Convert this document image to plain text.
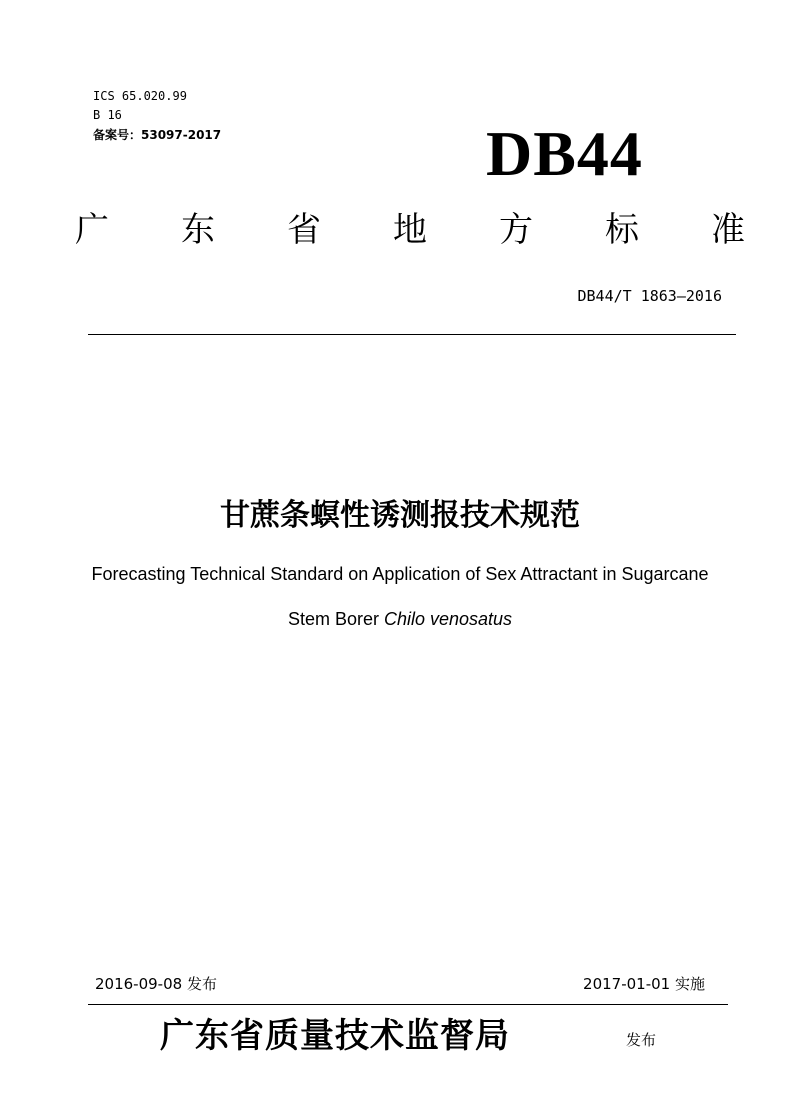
ICS 65.020.99
B 16
备案号：53097-2017	DB44
广 东 省 地 方 标 准
DB44/T 1863—2016
甘蔗条螟性诱测报技术规范
Forecasting Technical Standard on Application of Sex Attractant in Sugarcane
Stem Borer Chilo venosatus
2016-09-08 发布	2017-01-01 实施
广东省质量技术监督局	发布
